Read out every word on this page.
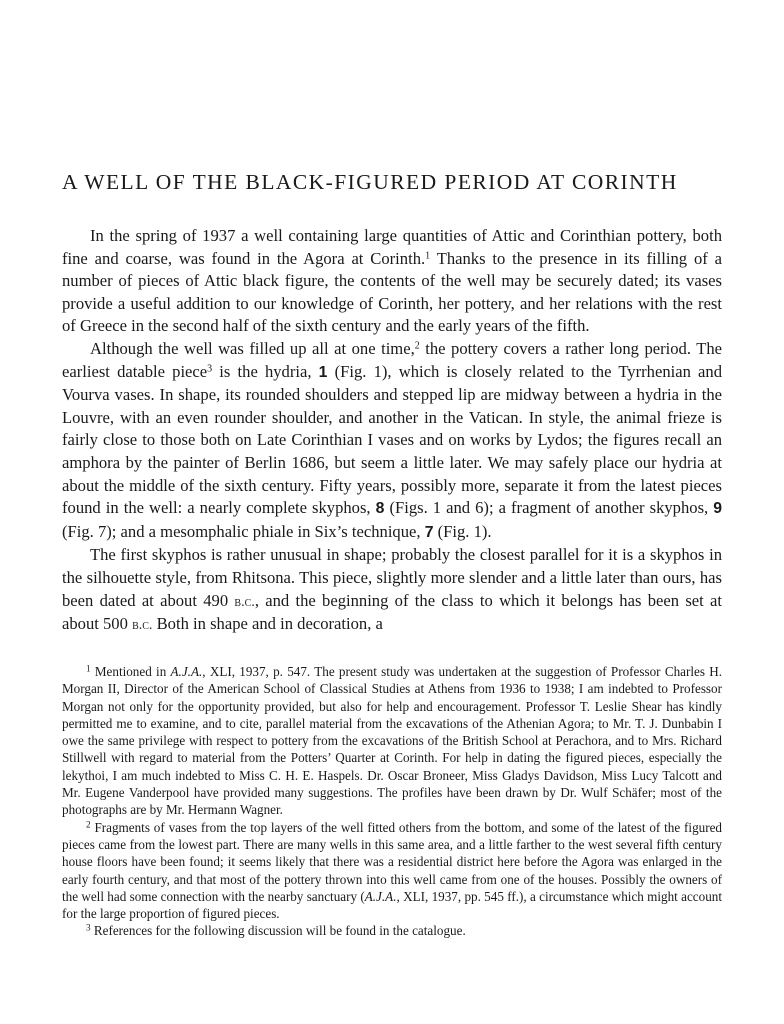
A WELL OF THE BLACK-FIGURED PERIOD AT CORINTH

In the spring of 1937 a well containing large quantities of Attic and Corinthian pottery, both fine and coarse, was found in the Agora at Corinth.$^1$ Thanks to the presence in its filling of a number of pieces of Attic black figure, the contents of the well may be securely dated; its vases provide a useful addition to our knowledge of Corinth, her pottery, and her relations with the rest of Greece in the second half of the sixth century and the early years of the fifth.

Although the well was filled up all at one time,$^2$ the pottery covers a rather long period. The earliest datable piece$^3$ is the hydria, 1 (Fig. 1), which is closely related to the Tyrrhenian and Vourva vases. In shape, its rounded shoulders and stepped lip are midway between a hydria in the Louvre, with an even rounder shoulder, and another in the Vatican. In style, the animal frieze is fairly close to those both on Late Corinthian I vases and on works by Lydos; the figures recall an amphora by the painter of Berlin 1686, but seem a little later. We may safely place our hydria at about the middle of the sixth century. Fifty years, possibly more, separate it from the latest pieces found in the well: a nearly complete skyphos, 8 (Figs. 1 and 6); a fragment of another skyphos, 9 (Fig. 7); and a mesomphalic phiale in Six’s technique, 7 (Fig. 1).

The first skyphos is rather unusual in shape; probably the closest parallel for it is a skyphos in the silhouette style, from Rhitsona. This piece, slightly more slender and a little later than ours, has been dated at about 490 b.c., and the beginning of the class to which it belongs has been set at about 500 b.c. Both in shape and in decoration, a

$^1$ Mentioned in A.J.A., XLI, 1937, p. 547. The present study was undertaken at the suggestion of Professor Charles H. Morgan II, Director of the American School of Classical Studies at Athens from 1936 to 1938; I am indebted to Professor Morgan not only for the opportunity provided, but also for help and encouragement. Professor T. Leslie Shear has kindly permitted me to examine, and to cite, parallel material from the excavations of the Athenian Agora; to Mr. T. J. Dunbabin I owe the same privilege with respect to pottery from the excavations of the British School at Perachora, and to Mrs. Richard Stillwell with regard to material from the Potters’ Quarter at Corinth. For help in dating the figured pieces, especially the lekythoi, I am much indebted to Miss C. H. E. Haspels. Dr. Oscar Broneer, Miss Gladys Davidson, Miss Lucy Talcott and Mr. Eugene Vanderpool have provided many suggestions. The profiles have been drawn by Dr. Wulf Schäfer; most of the photographs are by Mr. Hermann Wagner.

$^2$ Fragments of vases from the top layers of the well fitted others from the bottom, and some of the latest of the figured pieces came from the lowest part. There are many wells in this same area, and a little farther to the west several fifth century house floors have been found; it seems likely that there was a residential district here before the Agora was enlarged in the early fourth century, and that most of the pottery thrown into this well came from one of the houses. Possibly the owners of the well had some connection with the nearby sanctuary (A.J.A., XLI, 1937, pp. 545 ff.), a circumstance which might account for the large proportion of figured pieces.

$^3$ References for the following discussion will be found in the catalogue.
